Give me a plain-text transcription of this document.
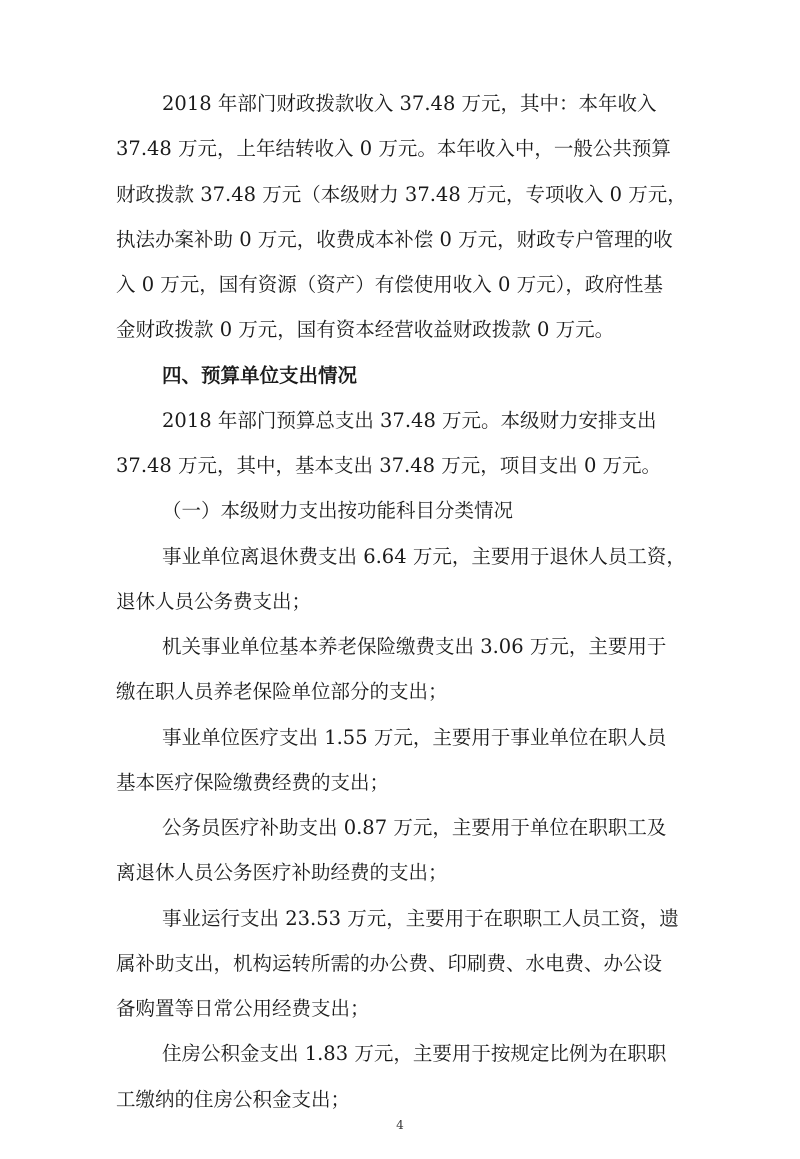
2018 年部门财政拨款收入 37.48 万元，其中：本年收入
37.48 万元，上年结转收入 0 万元。本年收入中，一般公共预算
财政拨款 37.48 万元（本级财力 37.48 万元，专项收入 0 万元，
执法办案补助 0 万元，收费成本补偿 0 万元，财政专户管理的收
入 0 万元，国有资源（资产）有偿使用收入 0 万元），政府性基
金财政拨款 0 万元，国有资本经营收益财政拨款 0 万元。
四、预算单位支出情况
2018 年部门预算总支出 37.48 万元。本级财力安排支出
37.48 万元，其中，基本支出 37.48 万元，项目支出 0 万元。
（一）本级财力支出按功能科目分类情况
事业单位离退休费支出 6.64 万元，主要用于退休人员工资，
退休人员公务费支出；
机关事业单位基本养老保险缴费支出 3.06 万元，主要用于
缴在职人员养老保险单位部分的支出；
事业单位医疗支出 1.55 万元，主要用于事业单位在职人员
基本医疗保险缴费经费的支出；
公务员医疗补助支出 0.87 万元，主要用于单位在职职工及
离退休人员公务医疗补助经费的支出；
事业运行支出 23.53 万元，主要用于在职职工人员工资，遗
属补助支出，机构运转所需的办公费、印刷费、水电费、办公设
备购置等日常公用经费支出；
住房公积金支出 1.83 万元，主要用于按规定比例为在职职
工缴纳的住房公积金支出；
4
